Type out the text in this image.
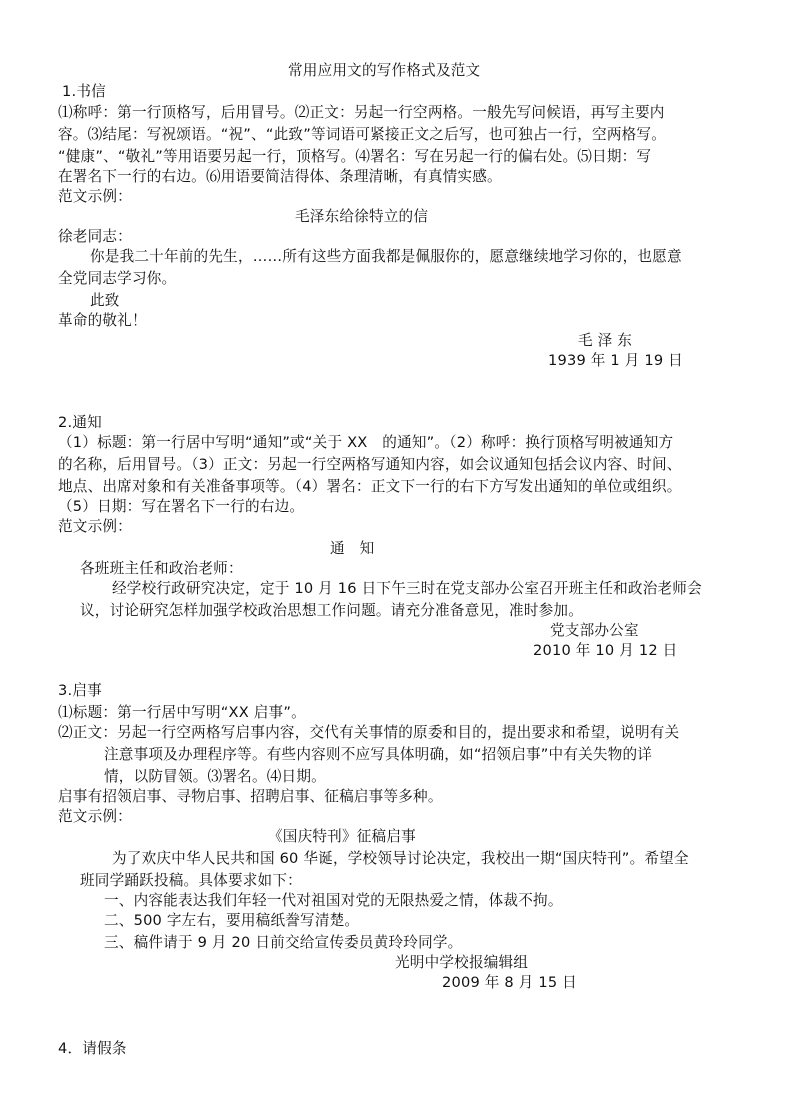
常用应用文的写作格式及范文
1.书信
⑴称呼：第一行顶格写，后用冒号。⑵正文：另起一行空两格。一般先写问候语，再写主要内
容。⑶结尾：写祝颂语。“祝”、“此致”等词语可紧接正文之后写，也可独占一行，空两格写。
“健康”、“敬礼”等用语要另起一行，顶格写。⑷署名：写在另起一行的偏右处。⑸日期：写
在署名下一行的右边。⑹用语要简洁得体、条理清晰，有真情实感。
范文示例：
毛泽东给徐特立的信
徐老同志：
你是我二十年前的先生，……所有这些方面我都是佩服你的，愿意继续地学习你的，也愿意
全党同志学习你。
此致
革命的敬礼！
毛 泽 东
1939 年 1 月 19 日
2.通知
（1）标题：第一行居中写明“通知”或“关于 XX　的通知”。（2）称呼：换行顶格写明被通知方
的名称，后用冒号。（3）正文：另起一行空两格写通知内容，如会议通知包括会议内容、时间、
地点、出席对象和有关准备事项等。（4）署名：正文下一行的右下方写发出通知的单位或组织。
（5）日期：写在署名下一行的右边。
范文示例：
通　知
各班班主任和政治老师：
经学校行政研究决定，定于 10 月 16 日下午三时在党支部办公室召开班主任和政治老师会
议，讨论研究怎样加强学校政治思想工作问题。请充分准备意见，准时参加。
党支部办公室
2010 年 10 月 12 日
3.启事
⑴标题：第一行居中写明“XX 启事”。
⑵正文：另起一行空两格写启事内容，交代有关事情的原委和目的，提出要求和希望，说明有关
注意事项及办理程序等。有些内容则不应写具体明确，如“招领启事”中有关失物的详
情，以防冒领。⑶署名。⑷日期。
启事有招领启事、寻物启事、招聘启事、征稿启事等多种。
范文示例：
《国庆特刊》征稿启事
为了欢庆中华人民共和国 60 华诞，学校领导讨论决定，我校出一期“国庆特刊”。希望全
班同学踊跃投稿。具体要求如下：
一、内容能表达我们年轻一代对祖国对党的无限热爱之情，体裁不拘。
二、500 字左右，要用稿纸誊写清楚。
三、稿件请于 9 月 20 日前交给宣传委员黄玲玲同学。
光明中学校报编辑组
2009 年 8 月 15 日
4．请假条
